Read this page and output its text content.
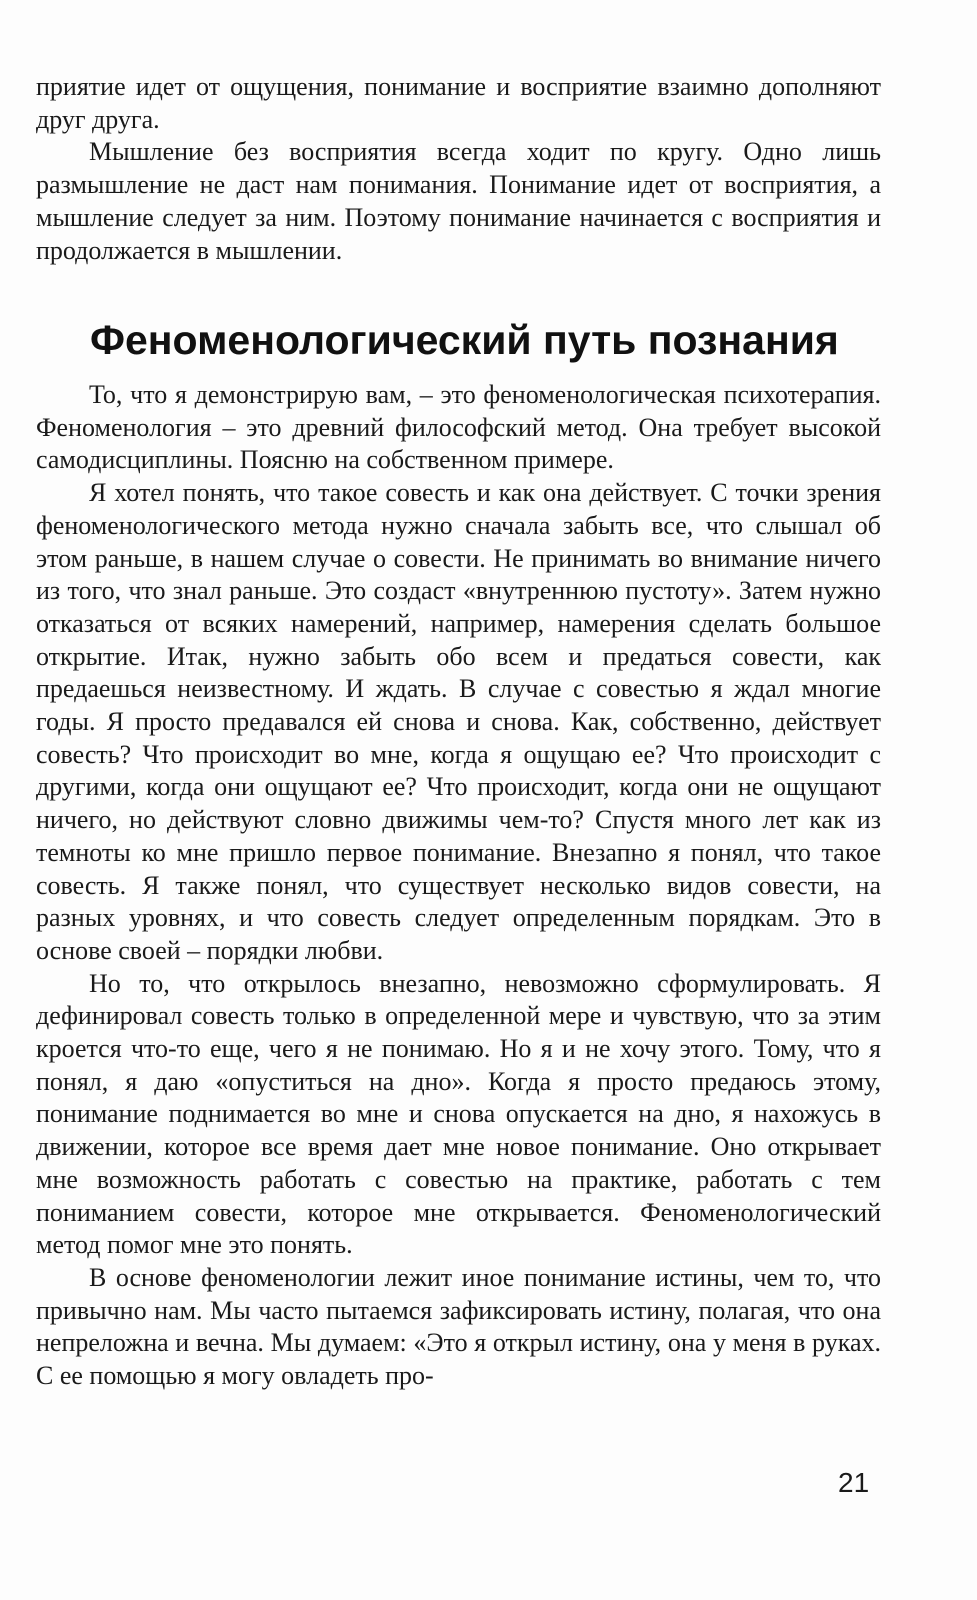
приятие идет от ощущения, понимание и восприятие взаимно дополняют друг друга.

Мышление без восприятия всегда ходит по кругу. Одно лишь размышление не даст нам понимания. Понимание идет от восприятия, а мышление следует за ним. Поэтому понимание начинается с восприятия и продолжается в мышлении.

Феноменологический путь познания

То, что я демонстрирую вам, – это феноменологическая психотерапия. Феноменология – это древний философский метод. Она требует высокой самодисциплины. Поясню на собственном примере.

Я хотел понять, что такое совесть и как она действует. С точки зрения феноменологического метода нужно сначала забыть все, что слышал об этом раньше, в нашем случае о совести. Не принимать во внимание ничего из того, что знал раньше. Это создаст «внутреннюю пустоту». Затем нужно отказаться от всяких намерений, например, намерения сделать большое открытие. Итак, нужно забыть обо всем и предаться совести, как предаешься неизвестному. И ждать. В случае с совестью я ждал многие годы. Я просто предавался ей снова и снова. Как, собственно, действует совесть? Что происходит во мне, когда я ощущаю ее? Что происходит с другими, когда они ощущают ее? Что происходит, когда они не ощущают ничего, но действуют словно движимы чем-то? Спустя много лет как из темноты ко мне пришло первое понимание. Внезапно я понял, что такое совесть. Я также понял, что существует несколько видов совести, на разных уровнях, и что совесть следует определенным порядкам. Это в основе своей – порядки любви.

Но то, что открылось внезапно, невозможно сформулировать. Я дефинировал совесть только в определенной мере и чувствую, что за этим кроется что-то еще, чего я не понимаю. Но я и не хочу этого. Тому, что я понял, я даю «опуститься на дно». Когда я просто предаюсь этому, понимание поднимается во мне и снова опускается на дно, я нахожусь в движении, которое все время дает мне новое понимание. Оно открывает мне возможность работать с совестью на практике, работать с тем пониманием совести, которое мне открывается. Феноменологический метод помог мне это понять.

В основе феноменологии лежит иное понимание истины, чем то, что привычно нам. Мы часто пытаемся зафиксировать истину, полагая, что она непреложна и вечна. Мы думаем: «Это я открыл истину, она у меня в руках. С ее помощью я могу овладеть про-

21
